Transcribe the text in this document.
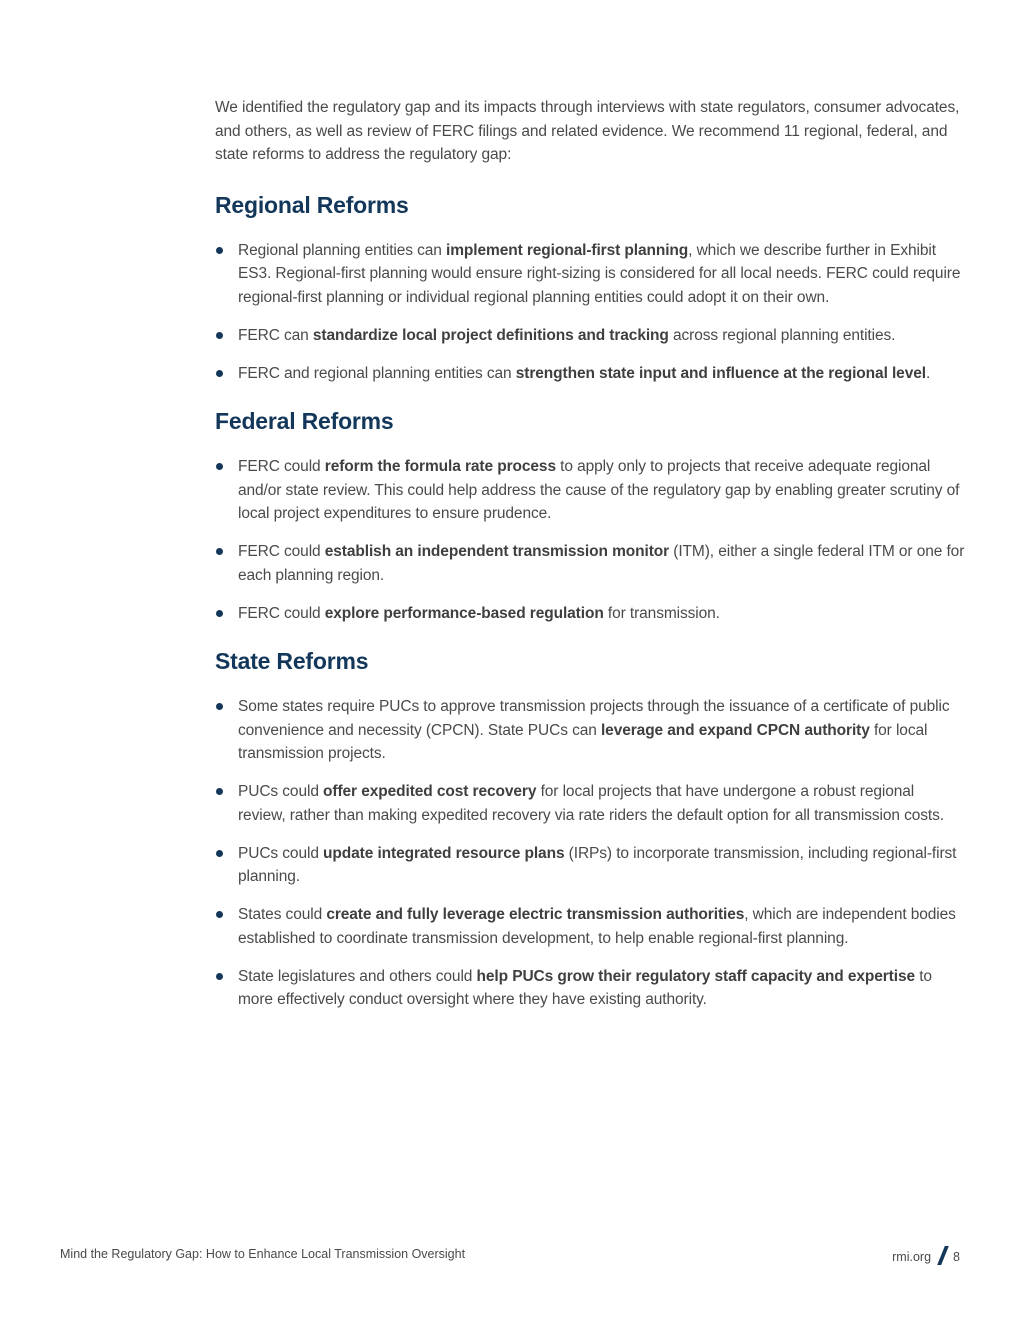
We identified the regulatory gap and its impacts through interviews with state regulators, consumer advocates, and others, as well as review of FERC filings and related evidence. We recommend 11 regional, federal, and state reforms to address the regulatory gap:

Regional Reforms
Regional planning entities can implement regional-first planning, which we describe further in Exhibit ES3. Regional-first planning would ensure right-sizing is considered for all local needs. FERC could require regional-first planning or individual regional planning entities could adopt it on their own.
FERC can standardize local project definitions and tracking across regional planning entities.
FERC and regional planning entities can strengthen state input and influence at the regional level.
Federal Reforms
FERC could reform the formula rate process to apply only to projects that receive adequate regional and/or state review. This could help address the cause of the regulatory gap by enabling greater scrutiny of local project expenditures to ensure prudence.
FERC could establish an independent transmission monitor (ITM), either a single federal ITM or one for each planning region.
FERC could explore performance-based regulation for transmission.
State Reforms
Some states require PUCs to approve transmission projects through the issuance of a certificate of public convenience and necessity (CPCN). State PUCs can leverage and expand CPCN authority for local transmission projects.
PUCs could offer expedited cost recovery for local projects that have undergone a robust regional review, rather than making expedited recovery via rate riders the default option for all transmission costs.
PUCs could update integrated resource plans (IRPs) to incorporate transmission, including regional-first planning.
States could create and fully leverage electric transmission authorities, which are independent bodies established to coordinate transmission development, to help enable regional-first planning.
State legislatures and others could help PUCs grow their regulatory staff capacity and expertise to more effectively conduct oversight where they have existing authority.
Mind the Regulatory Gap: How to Enhance Local Transmission Oversight	rmi.org 8
